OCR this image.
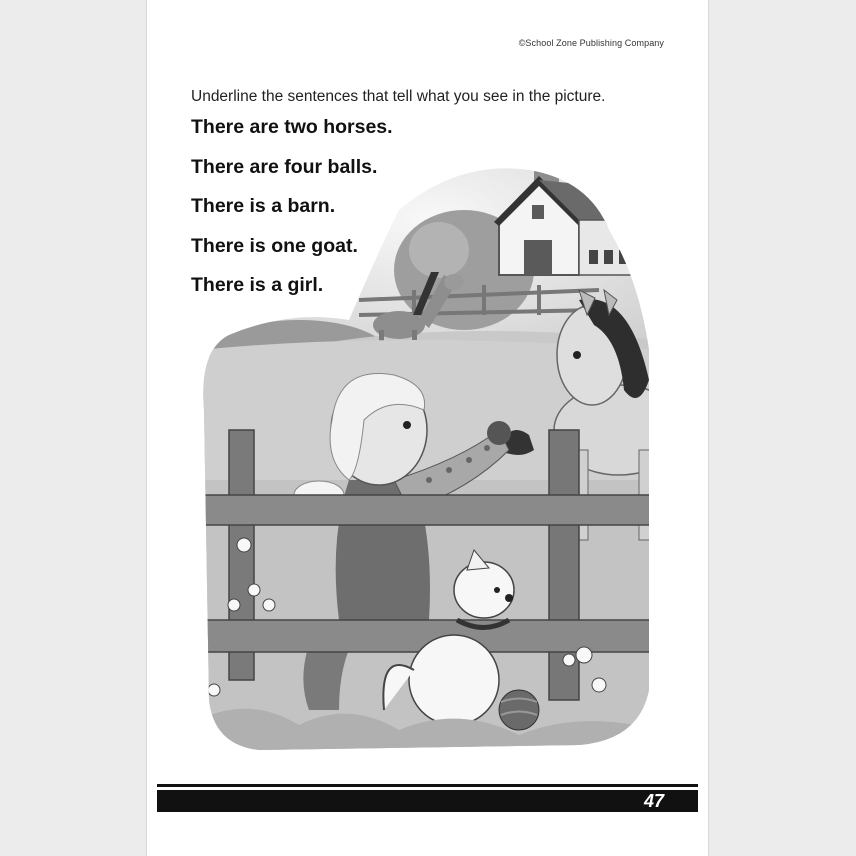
©School Zone Publishing Company
Underline the sentences that tell what you see in the picture.
There are two horses.
There are four balls.
There is a barn.
There is one goat.
There is a girl.
47
